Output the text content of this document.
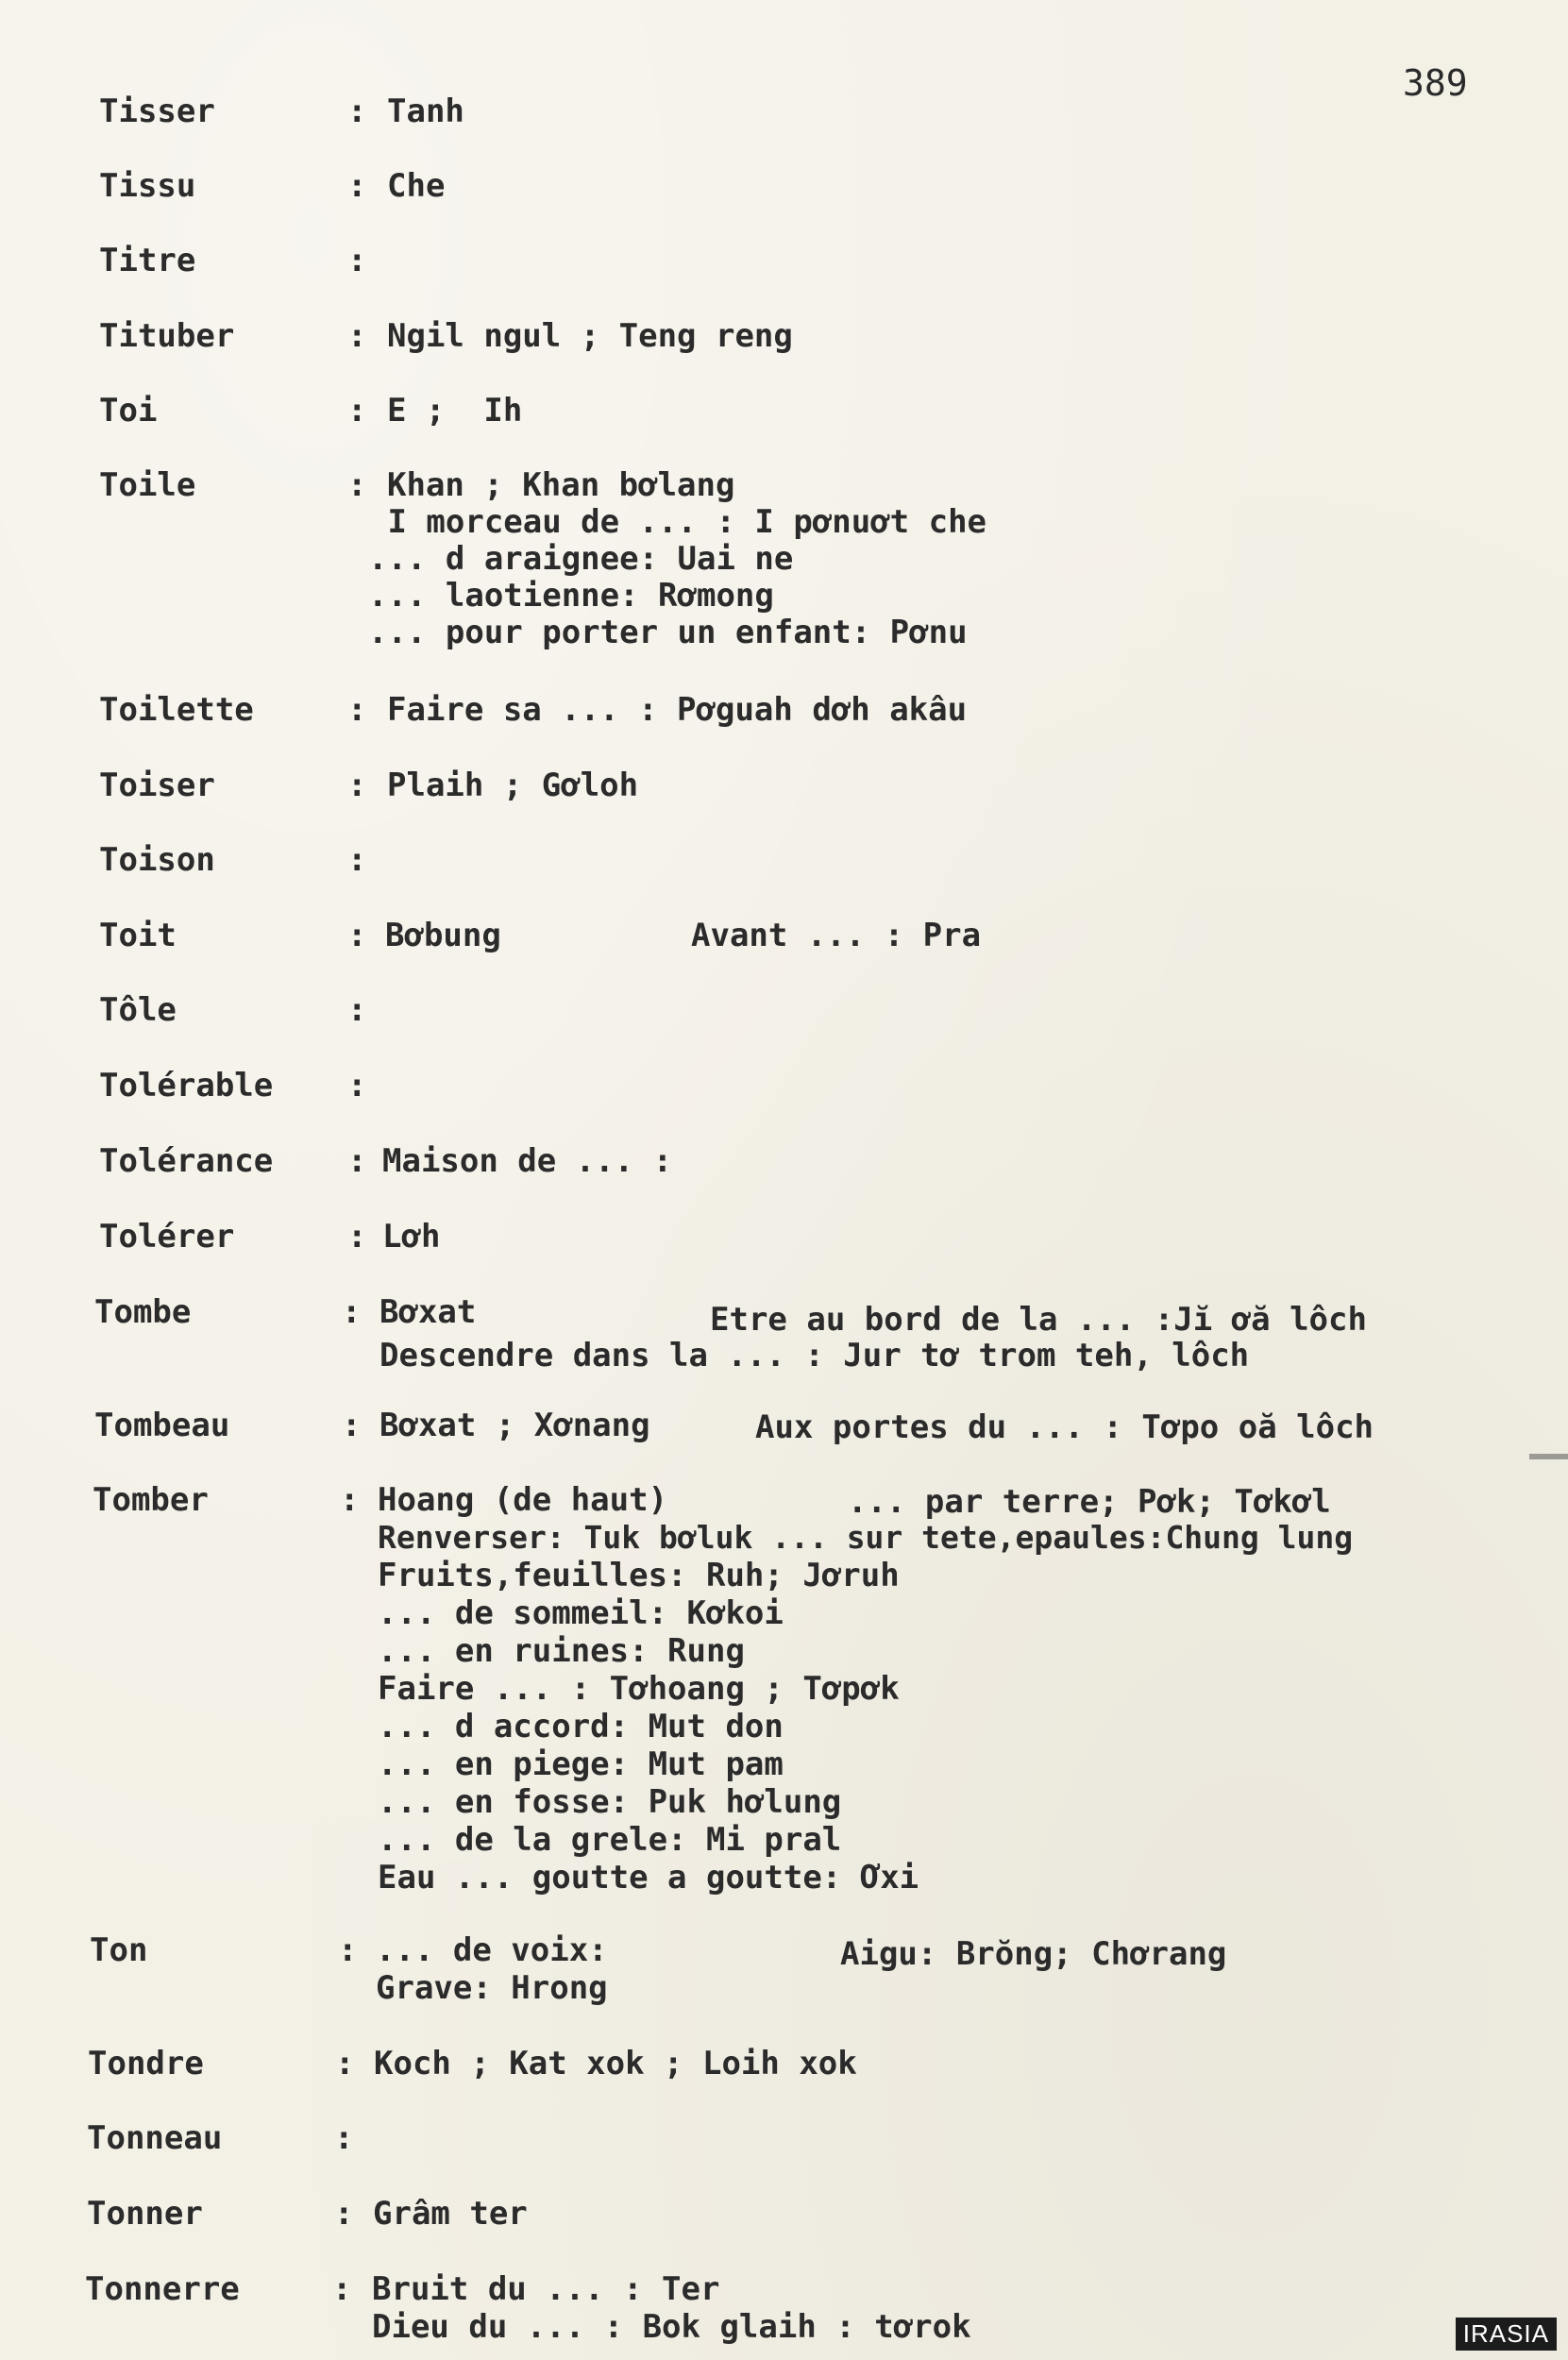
389
Tisser	: Tanh
Tissu	: Che
Titre	:
Tituber	: Ngil ngul ; Teng reng
Toi	: E ;  Ih
Toile	: Khan ; Khan bơlang
I morceau de ... : I pơnuơt che
... d araignee: Uai ne
... laotienne: Rơmong
... pour porter un enfant: Pơnu
Toilette	: Faire sa ... : Pơguah dơh akâu
Toiser	: Plaih ; Gơloh
Toison	:
Toit	: Bơbung	Avant ... : Pra
Tôle	:
Tolérable :
Tolérance : Maison de ... :
Tolérer	: Lơh
Tombe	: Bơxat	Etre au bord de la ... :Jĭ ơă lôch
Descendre dans la ... : Jur tơ trom teh, lôch
Tombeau	: Bơxat ; Xơnang	Aux portes du ... : Tơpo oă lôch
Tomber	: Hoang (de haut)	... par terre; Pơk; Tơkơl
Renverser: Tuk bơluk ... sur tete,epaules:Chung lung
Fruits,feuilles: Ruh; Jơruh
... de sommeil: Kơkoi
... en ruines: Rung
Faire ... : Tơhoang ; Tơpơk
... d accord: Mut don
... en piege: Mut pam
... en fosse: Puk hơlung
... de la grele: Mi pral
Eau ... goutte a goutte: Ơxi
Ton	: ... de voix:	Aigu: Brŏng; Chơrang
Grave: Hrong
Tondre	: Koch ; Kat xok ; Loih xok
Tonneau	:
Tonner	: Grâm ter
Tonnerre	: Bruit du ... : Ter
Dieu du ... : Bok glaih : tơrok	IRASIA
